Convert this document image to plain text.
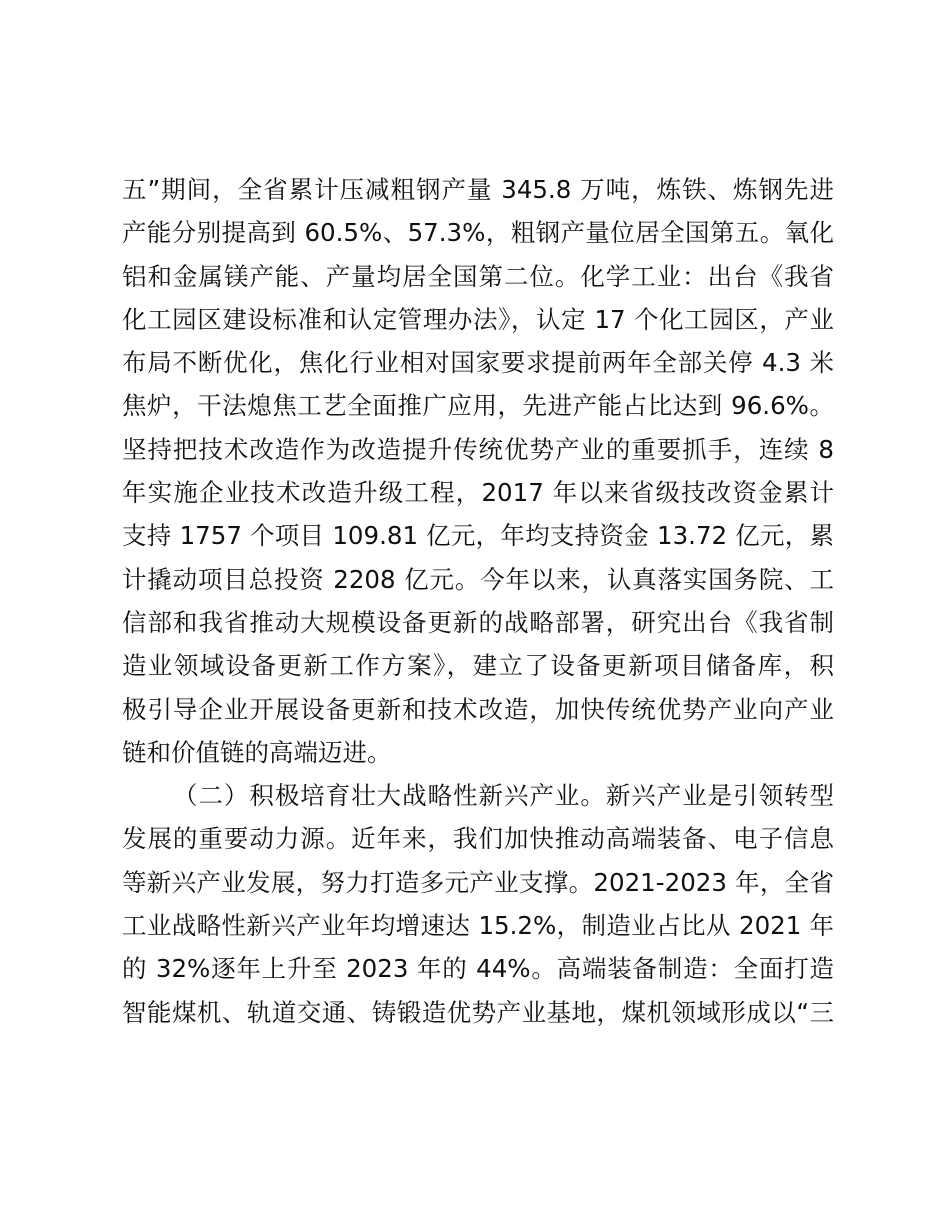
五”期间，全省累计压减粗钢产量 345.8 万吨，炼铁、炼钢先进
产能分别提高到 60.5%、57.3%，粗钢产量位居全国第五。氧化
铝和金属镁产能、产量均居全国第二位。化学工业：出台《我省
化工园区建设标准和认定管理办法》，认定 17 个化工园区，产业
布局不断优化，焦化行业相对国家要求提前两年全部关停 4.3 米
焦炉，干法熄焦工艺全面推广应用，先进产能占比达到 96.6%。
坚持把技术改造作为改造提升传统优势产业的重要抓手，连续 8
年实施企业技术改造升级工程，2017 年以来省级技改资金累计
支持 1757 个项目 109.81 亿元，年均支持资金 13.72 亿元，累
计撬动项目总投资 2208 亿元。今年以来，认真落实国务院、工
信部和我省推动大规模设备更新的战略部署，研究出台《我省制
造业领域设备更新工作方案》，建立了设备更新项目储备库，积
极引导企业开展设备更新和技术改造，加快传统优势产业向产业
链和价值链的高端迈进。
（二）积极培育壮大战略性新兴产业。新兴产业是引领转型
发展的重要动力源。近年来，我们加快推动高端装备、电子信息
等新兴产业发展，努力打造多元产业支撑。2021-2023 年，全省
工业战略性新兴产业年均增速达 15.2%，制造业占比从 2021 年
的 32%逐年上升至 2023 年的 44%。高端装备制造：全面打造
智能煤机、轨道交通、铸锻造优势产业基地，煤机领域形成以“三
